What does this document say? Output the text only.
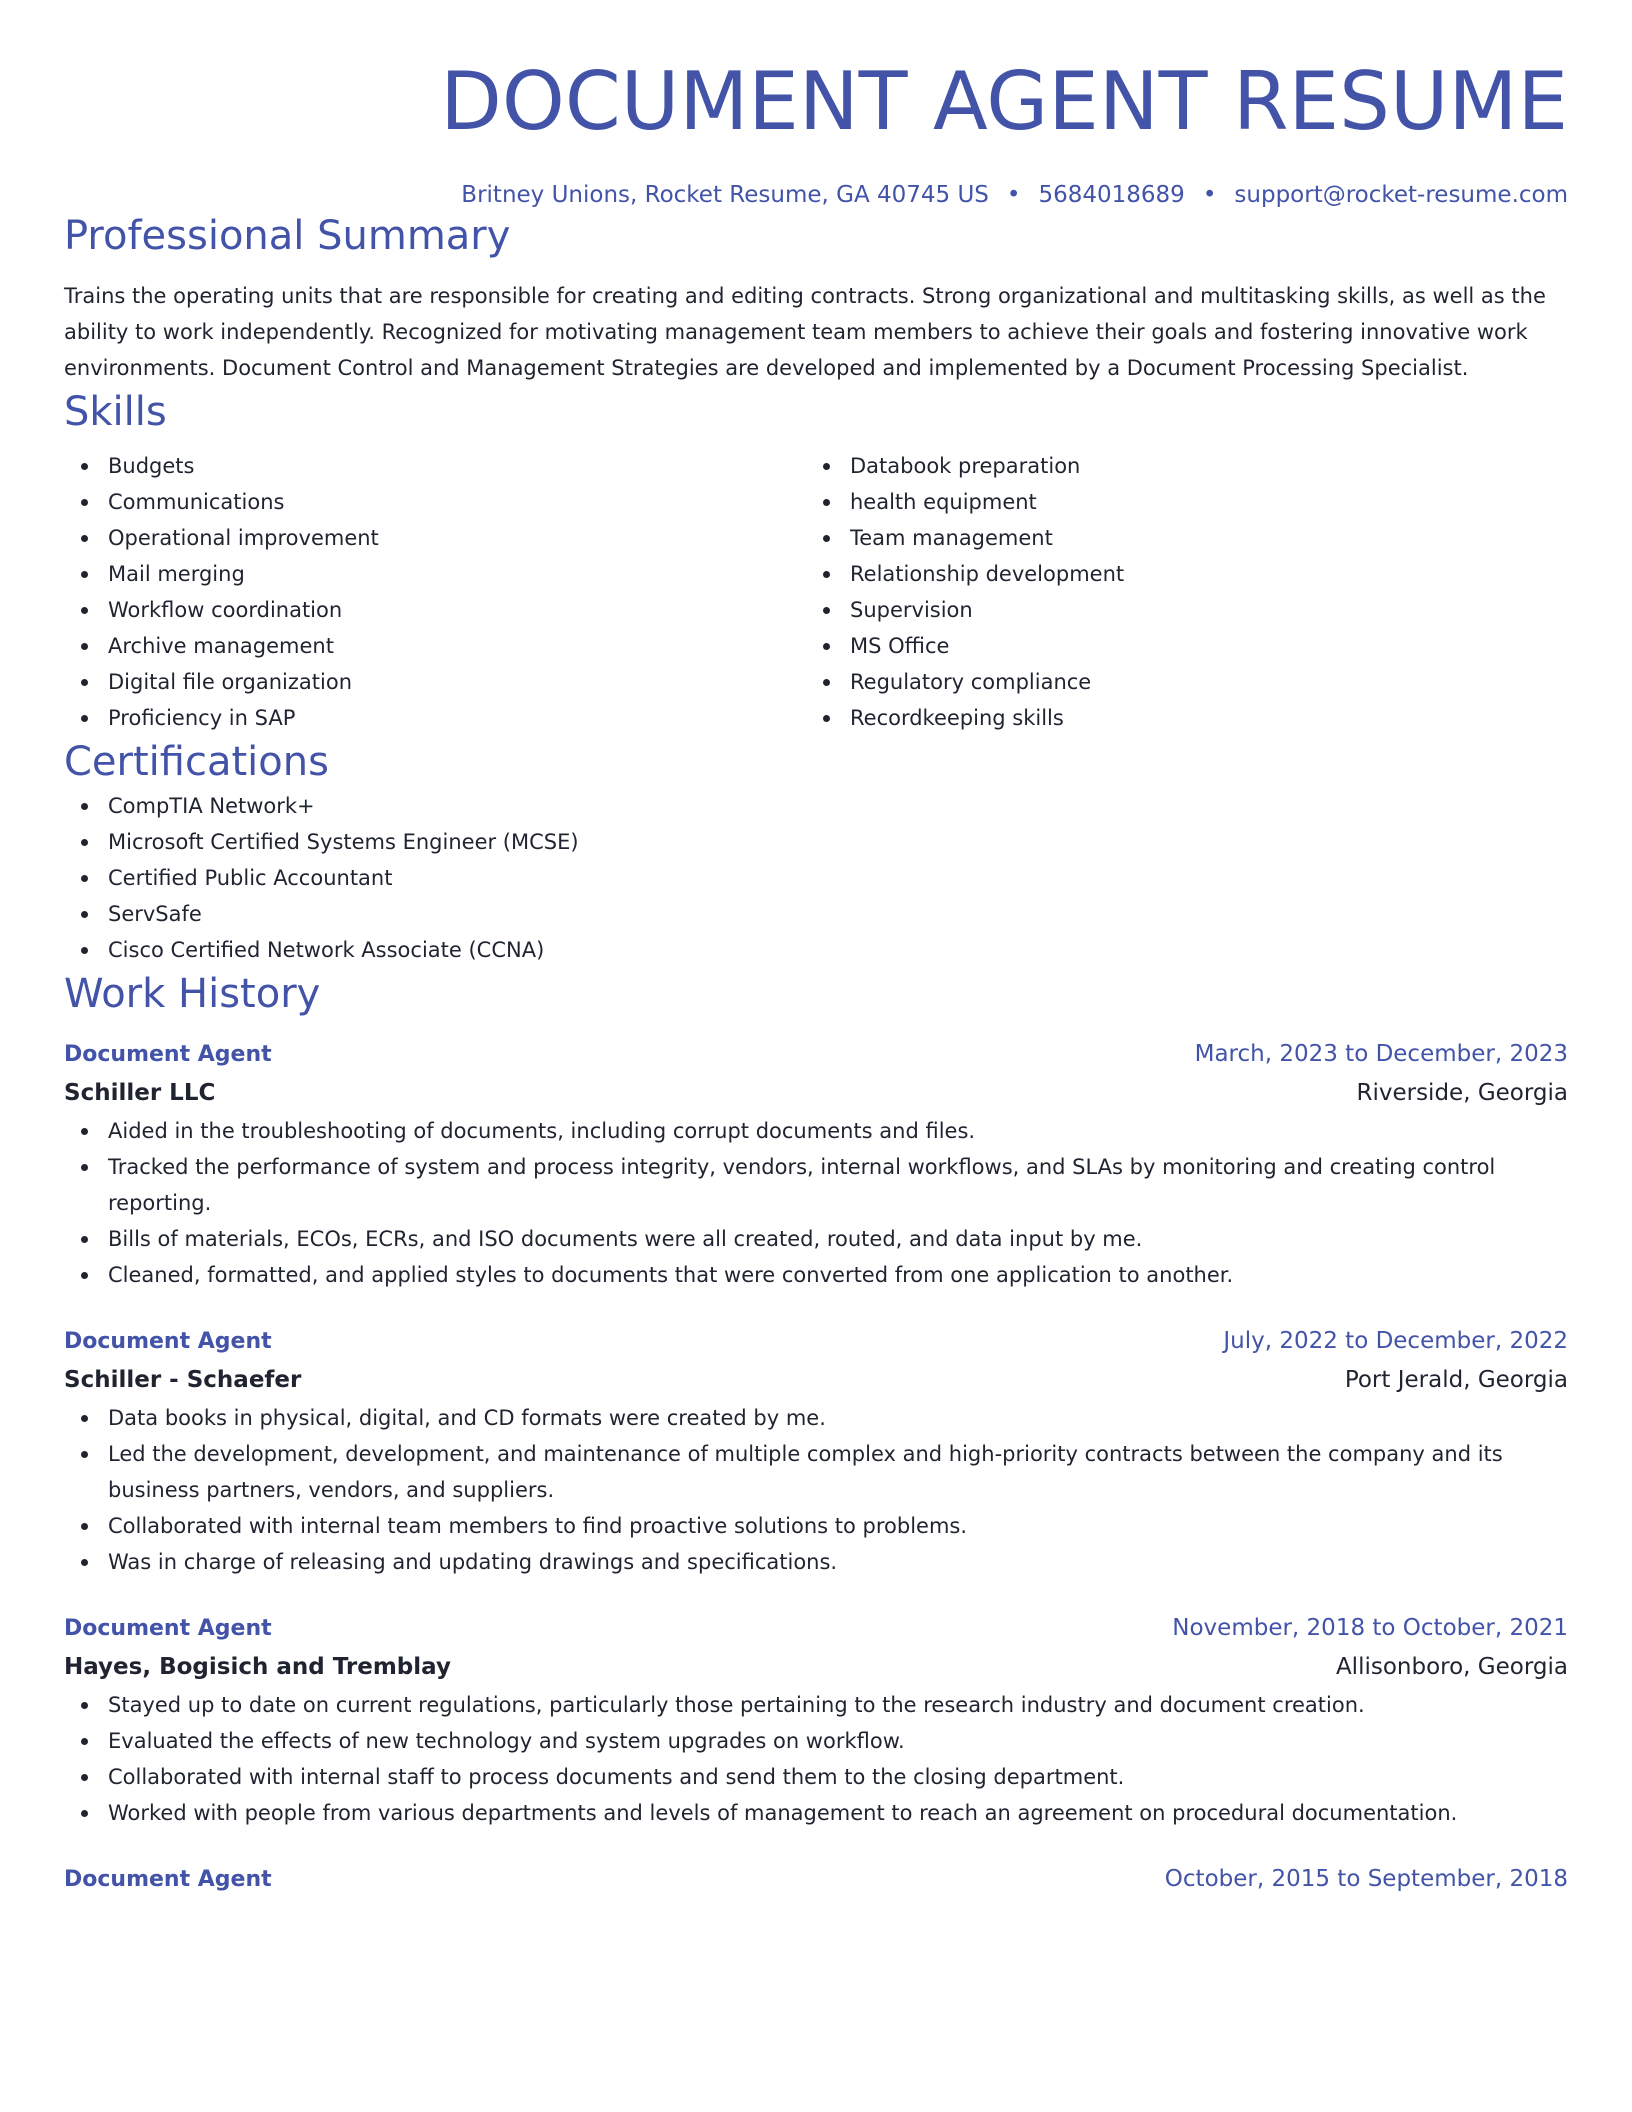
DOCUMENT AGENT RESUME
Britney Unions, Rocket Resume, GA 40745 US • 5684018689 • support@rocket-resume.com
Professional Summary
Trains the operating units that are responsible for creating and editing contracts. Strong organizational and multitasking skills, as well as the ability to work independently. Recognized for motivating management team members to achieve their goals and fostering innovative work environments. Document Control and Management Strategies are developed and implemented by a Document Processing Specialist.
Skills
Budgets
Communications
Operational improvement
Mail merging
Workflow coordination
Archive management
Digital file organization
Proficiency in SAP
Databook preparation
health equipment
Team management
Relationship development
Supervision
MS Office
Regulatory compliance
Recordkeeping skills
Certifications
CompTIA Network+
Microsoft Certified Systems Engineer (MCSE)
Certified Public Accountant
ServSafe
Cisco Certified Network Associate (CCNA)
Work History
Document Agent	March, 2023 to December, 2023
Schiller LLC	Riverside, Georgia
Aided in the troubleshooting of documents, including corrupt documents and files.
Tracked the performance of system and process integrity, vendors, internal workflows, and SLAs by monitoring and creating control reporting.
Bills of materials, ECOs, ECRs, and ISO documents were all created, routed, and data input by me.
Cleaned, formatted, and applied styles to documents that were converted from one application to another.
Document Agent	July, 2022 to December, 2022
Schiller - Schaefer	Port Jerald, Georgia
Data books in physical, digital, and CD formats were created by me.
Led the development, development, and maintenance of multiple complex and high-priority contracts between the company and its business partners, vendors, and suppliers.
Collaborated with internal team members to find proactive solutions to problems.
Was in charge of releasing and updating drawings and specifications.
Document Agent	November, 2018 to October, 2021
Hayes, Bogisich and Tremblay	Allisonboro, Georgia
Stayed up to date on current regulations, particularly those pertaining to the research industry and document creation.
Evaluated the effects of new technology and system upgrades on workflow.
Collaborated with internal staff to process documents and send them to the closing department.
Worked with people from various departments and levels of management to reach an agreement on procedural documentation.
Document Agent	October, 2015 to September, 2018
